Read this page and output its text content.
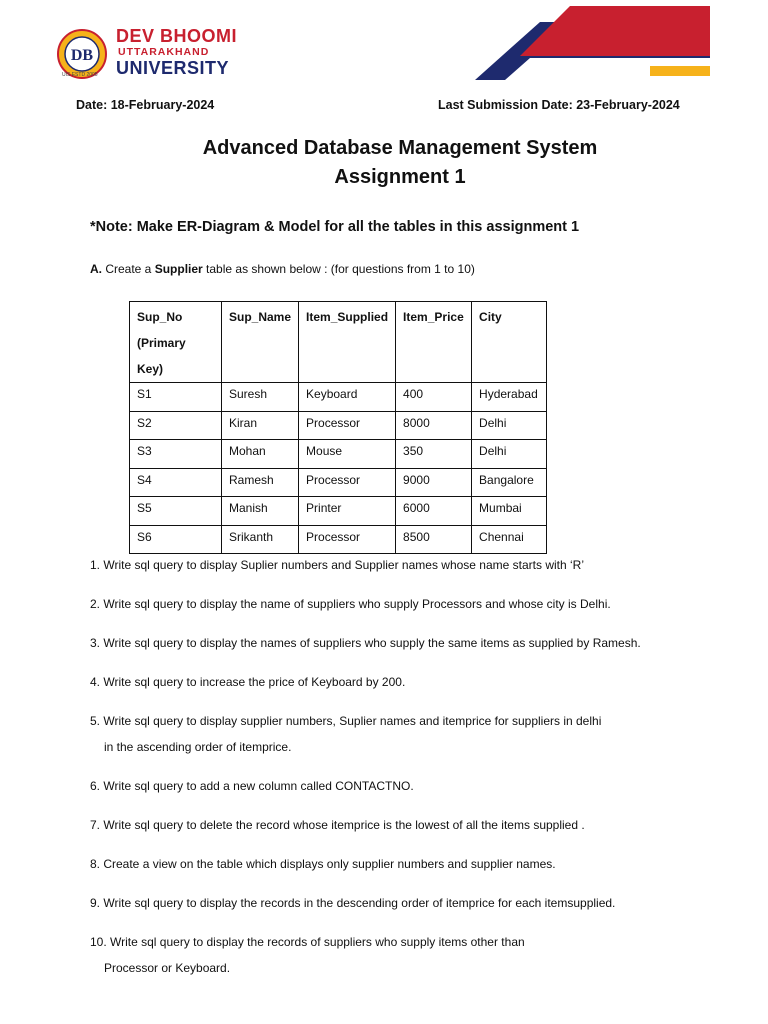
DB
UIS ESTD 2005
DEV BHOOMI
UTTARAKHAND
UNIVERSITY
Date: 18-February-2024	Last Submission Date: 23-February-2024
Advanced Database Management System
Assignment 1
*Note: Make ER-Diagram & Model for all the tables in this assignment 1
A. Create a Supplier table as shown below : (for questions from 1 to 10)
Sup_No
(Primary Key)	Sup_Name	Item_Supplied	Item_Price	City
S1	Suresh	Keyboard	400	Hyderabad
S2	Kiran	Processor	8000	Delhi
S3	Mohan	Mouse	350	Delhi
S4	Ramesh	Processor	9000	Bangalore
S5	Manish	Printer	6000	Mumbai
S6	Srikanth	Processor	8500	Chennai
1. Write sql query to display Suplier numbers and Supplier names whose name starts with ‘R’
2. Write sql query to display the name of suppliers who supply Processors and whose city is Delhi.
3. Write sql query to display the names of suppliers who supply the same items as supplied by Ramesh.
4. Write sql query to increase the price of Keyboard by 200.
5. Write sql query to display supplier numbers, Suplier names and itemprice for suppliers in delhi
in the ascending order of itemprice.
6. Write sql query to add a new column called CONTACTNO.
7. Write sql query to delete the record whose itemprice is the lowest of all the items supplied .
8. Create a view on the table which displays only supplier numbers and supplier names.
9. Write sql query to display the records in the descending order of itemprice for each itemsupplied.
10. Write sql query to display the records of suppliers who supply items other than
Processor or Keyboard.
